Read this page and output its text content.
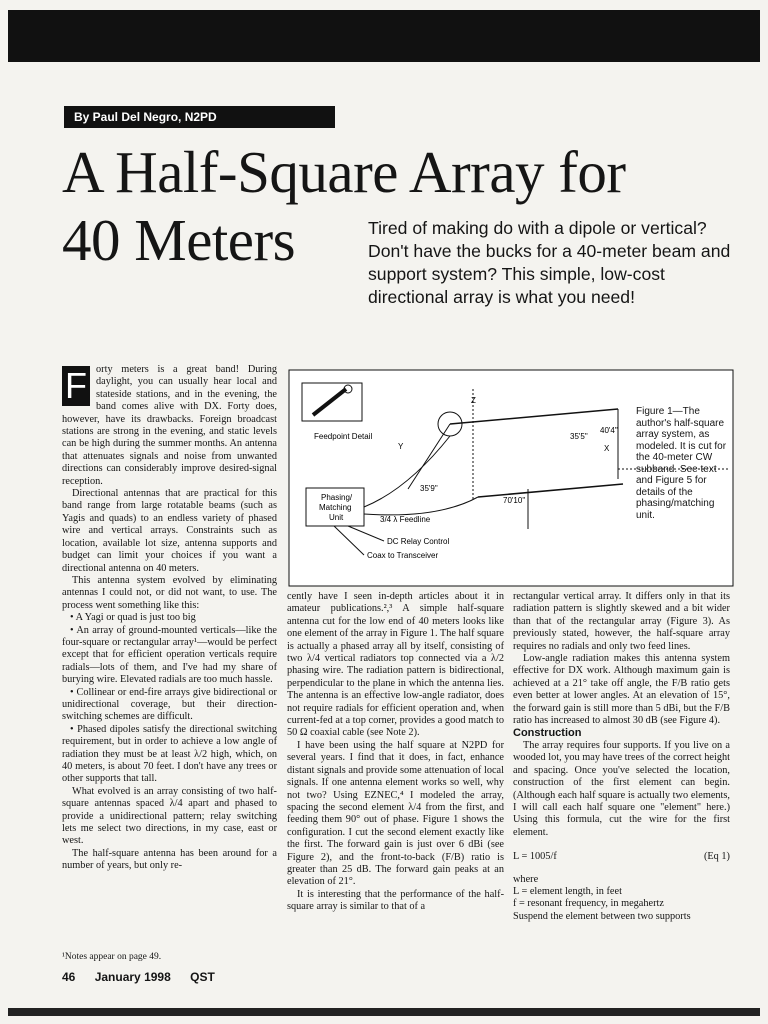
By Paul Del Negro, N2PD
A Half-Square Array for
40 Meters	Tired of making do with a dipole or vertical? Don't have the bucks for a 40-meter beam and support system? This simple, low-cost directional array is what you need!
F orty meters is a great band! During daylight, you can usually hear local and stateside stations, and in the evening, the band comes alive with DX. Forty does, however, have its drawbacks. Foreign broadcast stations are strong in the evening, and static levels can be high during the summer months. An antenna that attenuates signals and noise from unwanted directions can considerably improve desired-signal reception.

Directional antennas that are practical for this band range from large rotatable beams (such as Yagis and quads) to an endless variety of phased wire and vertical arrays. Constraints such as location, available lot size, antenna supports and budget can limit your choices if you want a directional antenna on 40 meters.

This antenna system evolved by eliminating antennas I could not, or did not want, to use. The process went something like this:

• A Yagi or quad is just too big

• An array of ground-mounted verticals—like the four-square or rectangular array¹—would be perfect except that for efficient operation verticals require radials—lots of them, and I've had my share of burying wire. Elevated radials are too much hassle.

• Collinear or end-fire arrays give bidirectional or unidirectional coverage, but their direction-switching schemes are difficult.

• Phased dipoles satisfy the directional switching requirement, but in order to achieve a low angle of radiation they must be at least λ/2 high, which, on 40 meters, is about 70 feet. I don't have any trees or other supports that tall.

What evolved is an array consisting of two half-square antennas spaced λ/4 apart and phased to provide a unidirectional pattern; relay switching lets me select two directions, in my case, east or west.

The half-square antenna has been around for a number of years, but only re-

cently have I seen in-depth articles about it in amateur publications.²,³ A simple half-square antenna cut for the low end of 40 meters looks like one element of the array in Figure 1. The half square is actually a phased array all by itself, consisting of two λ/4 vertical radiators top connected via a λ/2 phasing wire. The radiation pattern is bidirectional, perpendicular to the plane in which the antenna lies. The antenna is an effective low-angle radiator, does not require radials for efficient operation and, when current-fed at a top corner, provides a good match to 50 Ω coaxial cable (see Note 2).

I have been using the half square at N2PD for several years. I find that it does, in fact, enhance distant signals and provide some attenuation of local signals. If one antenna element works so well, why not two? Using EZNEC,⁴ I modeled the array, spacing the second element λ/4 from the first, and feeding them 90° out of phase. Figure 1 shows the configuration. I cut the second element exactly like the first. The forward gain is just over 6 dBi (see Figure 2), and the front-to-back (F/B) ratio is greater than 25 dB. The forward gain peaks at an elevation of 21°.

It is interesting that the performance of the half-square array is similar to that of a

rectangular vertical array. It differs only in that its radiation pattern is slightly skewed and a bit wider than that of the rectangular array (Figure 3). As previously stated, however, the half-square array requires no radials and only two feed lines.

Low-angle radiation makes this antenna system effective for DX work. Although maximum gain is achieved at a 21° take off angle, the F/B ratio gets even better at lower angles. At an elevation of 15°, the forward gain is still more than 5 dBi, but the F/B ratio has increased to almost 30 dB (see Figure 4).

Construction

The array requires four supports. If you live on a wooded lot, you may have trees of the correct height and spacing. Once you've selected the location, construction of the first element can begin. (Although each half square is actually two elements, I will call each half square one "element" here.) Using this formula, cut the wire for the first element.

L = 1005/f	(Eq 1)

where

L = element length, in feet

f = resonant frequency, in megahertz

Suspend the element between two supports

Feedpoint Detail
Z
Y	X
35'5"
40'4"
35'9"
70'10"
Phasing/
Matching
Unit	3/4 λ Feedline
DC Relay Control
Coax to Transceiver
Figure 1—The author's half-square array system, as modeled. It is cut for the 40-meter CW subband. See text and Figure 5 for details of the phasing/matching unit.
¹Notes appear on page 49.
46 January 1998 QST
